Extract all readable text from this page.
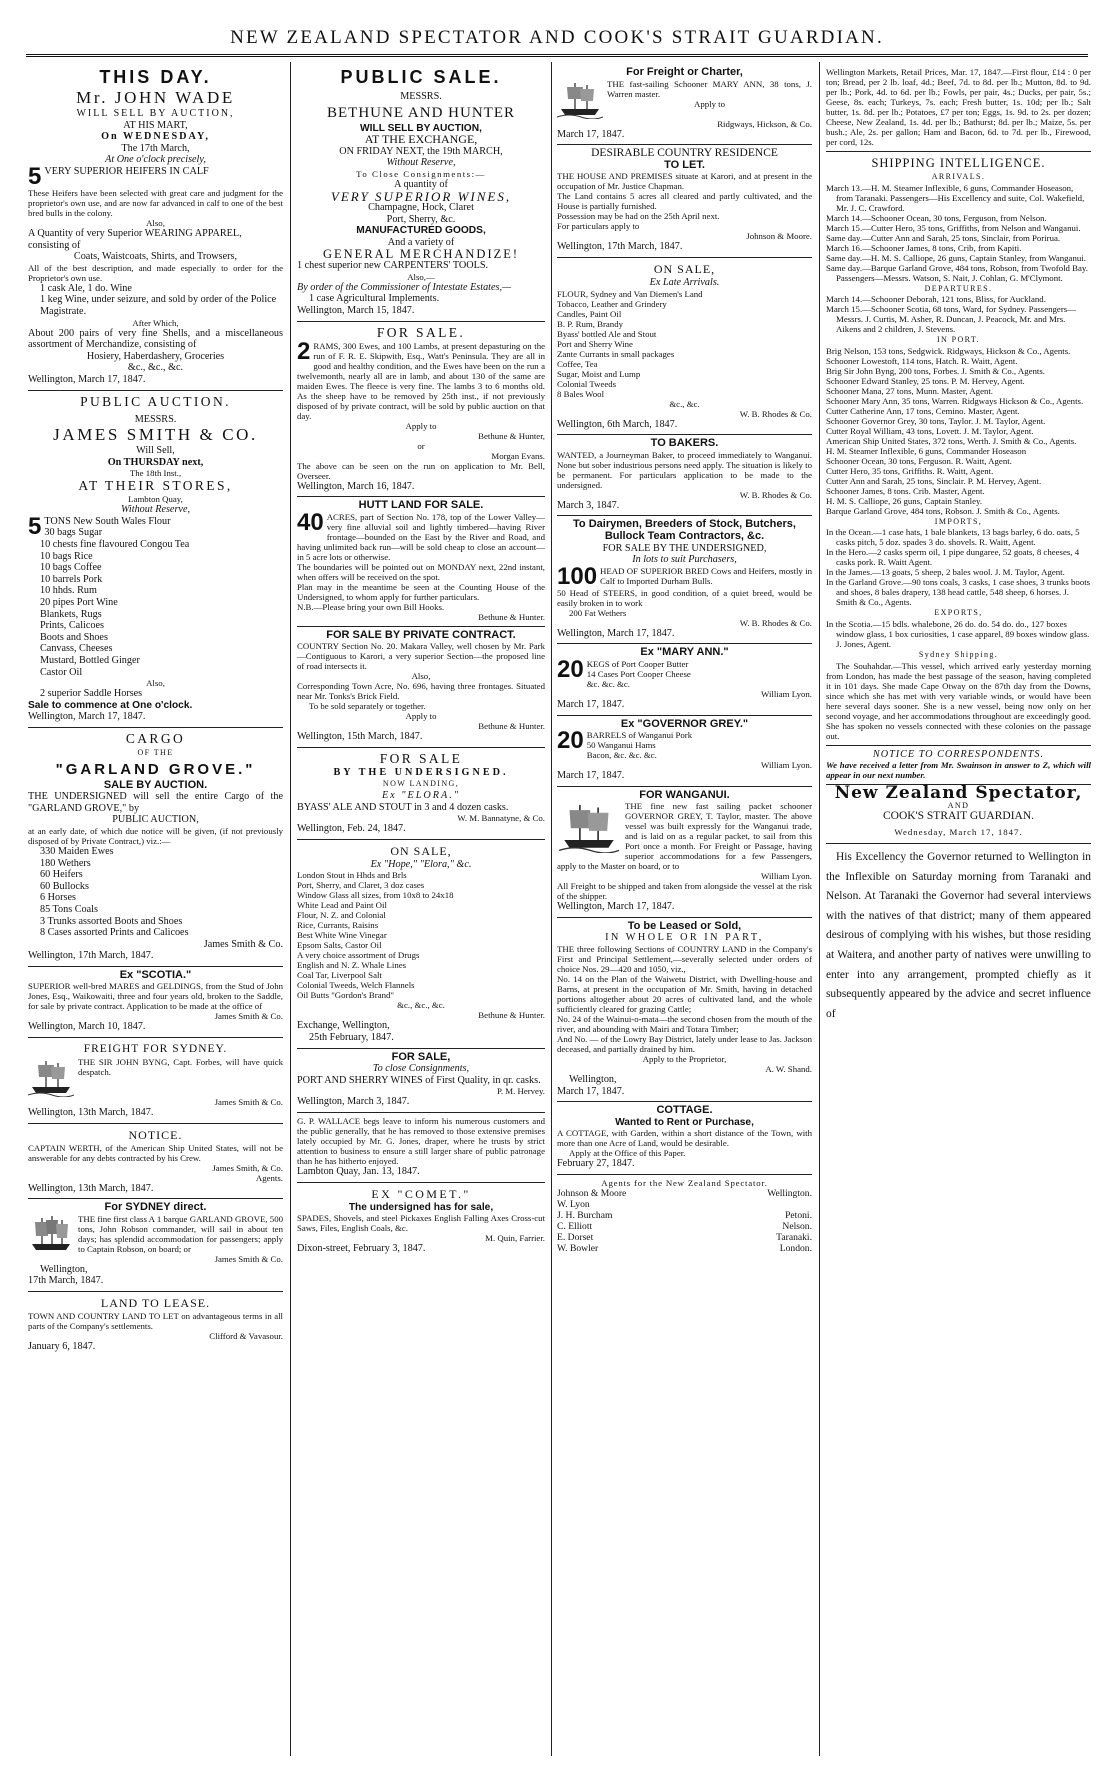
NEW ZEALAND SPECTATOR AND COOK'S STRAIT GUARDIAN.
THIS DAY.
Mr. JOHN WADE
WILL SELL BY AUCTION,
AT HIS MART,
On WEDNESDAY,
The 17th March,
At One o'clock precisely,
5 VERY SUPERIOR HEIFERS IN CALF
These Heifers have been selected with great care and judgment for the proprietor's own use, and are now far advanced in calf to one of the best bred bulls in the colony.
Also,
A Quantity of very Superior WEARING APPAREL, consisting of
Coats, Waistcoats, Shirts, and Trowsers,
All of the best description, and made especially to order for the Proprietor's own use.
1 cask Ale, 1 do. Wine
1 keg Wine, under seizure, and sold by order of the Police Magistrate.
After Which,
About 200 pairs of very fine Shells, and a miscellaneous assortment of Merchandize, consisting of
Hosiery, Haberdashery, Groceries
&c., &c., &c.
Wellington, March 17, 1847.
PUBLIC AUCTION.
MESSRS.
JAMES SMITH & CO.
Will Sell,
On THURSDAY next,
The 18th Inst.,
AT THEIR STORES,
Lambton Quay,
Without Reserve,
5 TONS New South Wales Flour
30 bags Sugar
10 chests fine flavoured Congou Tea
10 bags Rice
10 bags Coffee
10 barrels Pork
10 hhds. Rum
20 pipes Port Wine
Blankets, Rugs
Prints, Calicoes
Boots and Shoes
Canvass, Cheeses
Mustard, Bottled Ginger
Castor Oil
Also,
2 superior Saddle Horses
Sale to commence at One o'clock.
Wellington, March 17, 1847.
CARGO
OF THE
"GARLAND GROVE."
SALE BY AUCTION.
THE UNDERSIGNED will sell the entire Cargo of the "GARLAND GROVE," by
PUBLIC AUCTION,
at an early date, of which due notice will be given, (if not previously disposed of by Private Contract,) viz.:—
330 Maiden Ewes
180 Wethers
60 Heifers
60 Bullocks
6 Horses
85 Tons Coals
3 Trunks assorted Boots and Shoes
8 Cases assorted Prints and Calicoes
James Smith & Co.
Wellington, 17th March, 1847.
Ex "SCOTIA."
SUPERIOR well-bred MARES and GELDINGS, from the Stud of John Jones, Esq., Waikowaiti, three and four years old, broken to the Saddle, for sale by private contract. Application to be made at the office of
James Smith & Co.
Wellington, March 10, 1847.
FREIGHT FOR SYDNEY.
THE SIR JOHN BYNG, Capt. Forbes, will have quick despatch.
James Smith & Co.
Wellington, 13th March, 1847.
NOTICE.
CAPTAIN WERTH, of the American Ship United States, will not be answerable for any debts contracted by his Crew.
James Smith, & Co.
Agents.
Wellington, 13th March, 1847.
For SYDNEY direct.
THE fine first class A 1 barque GARLAND GROVE, 500 tons, John Robson commander, will sail in about ten days; has splendid accommodation for passengers; apply to Captain Robson, on board; or
James Smith & Co.
Wellington,
17th March, 1847.
LAND TO LEASE.
TOWN AND COUNTRY LAND TO LET on advantageous terms in all parts of the Company's settlements.
Clifford & Vavasour.
January 6, 1847.
PUBLIC SALE.
MESSRS.
BETHUNE AND HUNTER
WILL SELL BY AUCTION,
AT THE EXCHANGE,
ON FRIDAY NEXT, the 19th MARCH,
Without Reserve,
To Close Consignments:—
A quantity of
VERY SUPERIOR WINES,
Champagne, Hock, Claret
Port, Sherry, &c.
MANUFACTURED GOODS,
And a variety of
GENERAL MERCHANDIZE!
1 chest superior new CARPENTERS' TOOLS.
Also,—
By order of the Commissioner of Intestate Estates,—
1 case Agricultural Implements.
Wellington, March 15, 1847.
FOR SALE.
2 RAMS, 300 Ewes, and 100 Lambs, at present depasturing on the run of F. R. E. Skipwith, Esq., Watt's Peninsula. They are all in good and healthy condition, and the Ewes have been on the run a twelvemonth, nearly all are in lamb, and about 130 of the same are maiden Ewes. The fleece is very fine. The lambs 3 to 6 months old. As the sheep have to be removed by 25th inst., if not previously disposed of by private contract, will be sold by public auction on that day.
Apply to
Bethune & Hunter,
or
Morgan Evans.
The above can be seen on the run on application to Mr. Bell, Overseer.
Wellington, March 16, 1847.
HUTT LAND FOR SALE.
40 ACRES, part of Section No. 178, top of the Lower Valley—very fine alluvial soil and lightly timbered—having River frontage—bounded on the East by the River and Road, and having unlimited back run—will be sold cheap to close an account—in 5 acre lots or otherwise.
The boundaries will be pointed out on MONDAY next, 22nd instant, when offers will be received on the spot.
Plan may in the meantime be seen at the Counting House of the Undersigned, to whom apply for further particulars.
N.B.—Please bring your own Bill Hooks.
Bethune & Hunter.
FOR SALE BY PRIVATE CONTRACT.
COUNTRY Section No. 20. Makara Valley, well chosen by Mr. Park—Contiguous to Karori, a very superior Section—the proposed line of road intersects it.
Also,
Corresponding Town Acre, No. 696, having three frontages. Situated near Mr. Tonks's Brick Field.
To be sold separately or together.
Apply to
Bethune & Hunter.
Wellington, 15th March, 1847.
FOR SALE
BY THE UNDERSIGNED.
NOW LANDING,
Ex "ELORA."
BYASS' ALE AND STOUT in 3 and 4 dozen casks.
W. M. Bannatyne, & Co.
Wellington, Feb. 24, 1847.
ON SALE,
Ex "Hope," "Elora," &c.
London Stout in Hhds and Brls
Port, Sherry, and Claret, 3 doz cases
Window Glass all sizes, from 10x8 to 24x18
White Lead and Paint Oil
Flour, N. Z. and Colonial
Rice, Currants, Raisins
Best White Wine Vinegar
Epsom Salts, Castor Oil
A very choice assortment of Drugs
English and N. Z. Whale Lines
Coal Tar, Liverpool Salt
Colonial Tweeds, Welch Flannels
Oil Butts "Gordon's Brand"
&c., &c., &c.
Bethune & Hunter.
Exchange, Wellington,
25th February, 1847.
FOR SALE,
To close Consignments,
PORT AND SHERRY WINES of First Quality, in qr. casks.
P. M. Hervey.
Wellington, March 3, 1847.
G. P. WALLACE begs leave to inform his numerous customers and the public generally, that he has removed to those extensive premises lately occupied by Mr. G. Jones, draper, where he trusts by strict attention to business to ensure a still larger share of public patronage than he has hitherto enjoyed.
Lambton Quay, Jan. 13, 1847.
EX "COMET."
The undersigned has for sale,
SPADES, Shovels, and steel Pickaxes English Falling Axes Cross-cut Saws, Files, English Coals, &c.
M. Quin, Farrier.
Dixon-street, February 3, 1847.
For Freight or Charter,
THE fast-sailing Schooner MARY ANN, 38 tons, J. Warren master.
Apply to
Ridgways, Hickson, & Co.
March 17, 1847.
DESIRABLE COUNTRY RESIDENCE
TO LET.
THE HOUSE AND PREMISES situate at Karori, and at present in the occupation of Mr. Justice Chapman.
The Land contains 5 acres all cleared and partly cultivated, and the House is partially furnished.
Possession may be had on the 25th April next.
For particulars apply to
Johnson & Moore.
Wellington, 17th March, 1847.
ON SALE,
Ex Late Arrivals.
FLOUR, Sydney and Van Diemen's Land
Tobacco, Leather and Grindery
Candles, Paint Oil
B. P. Rum, Brandy
Byass' bottled Ale and Stout
Port and Sherry Wine
Zante Currants in small packages
Coffee, Tea
Sugar, Moist and Lump
Colonial Tweeds
8 Bales Wool
&c., &c.
W. B. Rhodes & Co.
Wellington, 6th March, 1847.
TO BAKERS.
WANTED, a Journeyman Baker, to proceed immediately to Wanganui. None but sober industrious persons need apply. The situation is likely to be permanent. For particulars application to be made to the undersigned.
W. B. Rhodes & Co.
March 3, 1847.
To Dairymen, Breeders of Stock, Butchers, Bullock Team Contractors, &c.
FOR SALE BY THE UNDERSIGNED,
In lots to suit Purchasers,
100 HEAD OF SUPERIOR BRED Cows and Heifers, mostly in Calf to Imported Durham Bulls.
50 Head of STEERS, in good condition, of a quiet breed, would be easily broken in to work
200 Fat Wethers
W. B. Rhodes & Co.
Wellington, March 17, 1847.
Ex "MARY ANN."
20 KEGS of Port Cooper Butter
14 Cases Port Cooper Cheese
&c. &c. &c.
William Lyon.
March 17, 1847.
Ex "GOVERNOR GREY."
20 BARRELS of Wanganui Pork
50 Wanganui Hams
Bacon, &c. &c. &c.
William Lyon.
March 17, 1847.
FOR WANGANUI.
THE fine new fast sailing packet schooner GOVERNOR GREY, T. Taylor, master. The above vessel was built expressly for the Wanganui trade, and is laid on as a regular packet, to sail from this Port once a month. For Freight or Passage, having superior accommodations for a few Passengers, apply to the Master on board, or to
William Lyon.
All Freight to be shipped and taken from alongside the vessel at the risk of the shipper.
Wellington, March 17, 1847.
To be Leased or Sold,
IN WHOLE OR IN PART,
THE three following Sections of COUNTRY LAND in the Company's First and Principal Settlement,—severally selected under orders of choice Nos. 29—420 and 1050, viz.,
No. 14 on the Plan of the Waiwetu District, with Dwelling-house and Barns, at present in the occupation of Mr. Smith, having in detached portions altogether about 20 acres of cultivated land, and the whole sufficiently cleared for grazing Cattle;
No. 24 of the Wainui-o-mata—the second chosen from the mouth of the river, and abounding with Mairi and Totara Timber;
And No. — of the Lowry Bay District, lately under lease to Jas. Jackson deceased, and partially drained by him.
Apply to the Proprietor,
A. W. Shand.
Wellington,
March 17, 1847.
COTTAGE.
Wanted to Rent or Purchase,
A COTTAGE, with Garden, within a short distance of the Town, with more than one Acre of Land, would be desirable.
Apply at the Office of this Paper.
February 27, 1847.
Agents for the New Zealand Spectator.
Johnson & Moore	Wellington.
W. Lyon	
J. H. Burcham	Petoni.
C. Elliott	Nelson.
E. Dorset	Taranaki.
W. Bowler	London.
Wellington Markets, Retail Prices, Mar. 17, 1847.—First flour, £14 : 0 per ton; Bread, per 2 lb. loaf, 4d.; Beef, 7d. to 8d. per lb.; Mutton, 8d. to 9d. per lb.; Pork, 4d. to 6d. per lb.; Fowls, per pair, 4s.; Ducks, per pair, 5s.; Geese, 8s. each; Turkeys, 7s. each; Fresh butter, 1s. 10d; per lb.; Salt butter, 1s. 8d. per lb.; Potatoes, £7 per ton; Eggs, 1s. 9d. to 2s. per dozen; Cheese, New Zealand, 1s. 4d. per lb.; Bathurst; 8d. per lb.; Maize, 5s. per bush.; Ale, 2s. per gallon; Ham and Bacon, 6d. to 7d. per lb., Firewood, per cord, 12s.
SHIPPING INTELLIGENCE.
ARRIVALS.
March 13.—H. M. Steamer Inflexible, 6 guns, Commander Hoseason, from Taranaki. Passengers—His Excellency and suite, Col. Wakefield, Mr. J. C. Crawford.
March 14.—Schooner Ocean, 30 tons, Ferguson, from Nelson.
March 15.—Cutter Hero, 35 tons, Griffiths, from Nelson and Wanganui.
Same day.—Cutter Ann and Sarah, 25 tons, Sinclair, from Porirua.
March 16.—Schooner James, 8 tons, Crib, from Kapiti.
Same day.—H. M. S. Calliope, 26 guns, Captain Stanley, from Wanganui.
Same day.—Barque Garland Grove, 484 tons, Robson, from Twofold Bay. Passengers—Messrs. Watson, S. Nait, J. Cohlan, G. M'Clymont.
DEPARTURES.
March 14.—Schooner Deborah, 121 tons, Bliss, for Auckland.
March 15.—Schooner Scotia, 68 tons, Ward, for Sydney. Passengers—Messrs. J. Curtis, M. Asher, R. Duncan, J. Peacock, Mr. and Mrs. Aikens and 2 children, J. Stevens.
IN PORT.
Brig Nelson, 153 tons, Sedgwick. Ridgways, Hickson & Co., Agents.
Schooner Lowestoft, 114 tons, Hatch. R. Waitt, Agent.
Brig Sir John Byng, 200 tons, Forbes. J. Smith & Co., Agents.
Schooner Edward Stanley, 25 tons. P. M. Hervey, Agent.
Schooner Mana, 27 tons, Munn. Master, Agent.
Schooner Mary Ann, 35 tons, Warren. Ridgways Hickson & Co., Agents.
Cutter Catherine Ann, 17 tons, Cemino. Master, Agent.
Schooner Governor Grey, 30 tons, Taylor. J. M. Taylor, Agent.
Cutter Royal William, 43 tons, Lovett. J. M. Taylor, Agent.
American Ship United States, 372 tons, Werth. J. Smith & Co., Agents.
H. M. Steamer Inflexible, 6 guns, Commander Hoseason
Schooner Ocean, 30 tons, Ferguson. R. Waitt, Agent.
Cutter Hero, 35 tons, Griffiths. R. Waitt, Agent.
Cutter Ann and Sarah, 25 tons, Sinclair. P. M. Hervey, Agent.
Schooner James, 8 tons. Crib. Master, Agent.
H. M. S. Calliope, 26 guns, Captain Stanley.
Barque Garland Grove, 484 tons, Robson. J. Smith & Co., Agents.
IMPORTS,
In the Ocean.—1 case hats, 1 bale blankets, 13 bags barley, 6 do. oats, 5 casks pitch, 5 doz. spades 3 do. shovels. R. Waitt, Agent.
In the Hero.—2 casks sperm oil, 1 pipe dungaree, 52 goats, 8 cheeses, 4 casks pork. R. Waitt Agent.
In the James.—13 goats, 5 sheep, 2 bales wool. J. M. Taylor, Agent.
In the Garland Grove.—90 tons coals, 3 casks, 1 case shoes, 3 trunks boots and shoes, 8 bales drapery, 138 head cattle, 548 sheep, 6 horses. J. Smith & Co., Agents.
EXPORTS,
In the Scotia.—15 bdls. whalebone, 26 do. do. 54 do. do., 127 boxes window glass, 1 box curiosities, 1 case apparel, 89 boxes window glass. J. Jones, Agent.
Sydney Shipping.
The Souhahdar.—This vessel, which arrived early yesterday morning from London, has made the best passage of the season, having completed it in 101 days. She made Cape Otway on the 87th day from the Downs, since which she has met with very variable winds, or would have been here several days sooner. She is a new vessel, being now only on her second voyage, and her accommodations throughout are exceedingly good. She has spoken no vessels connected with these colonies on the passage out.
NOTICE TO CORRESPONDENTS.
We have received a letter from Mr. Swainson in answer to Z, which will appear in our next number.
New Zealand Spectator,
AND
COOK'S STRAIT GUARDIAN.
Wednesday, March 17, 1847.
His Excellency the Governor returned to Wellington in the Inflexible on Saturday morning from Taranaki and Nelson. At Taranaki the Governor had several interviews with the natives of that district; many of them appeared desirous of complying with his wishes, but those residing at Waitera, and another party of natives were unwilling to enter into any arrangement, prompted chiefly as it subsequently appeared by the advice and secret influence of
